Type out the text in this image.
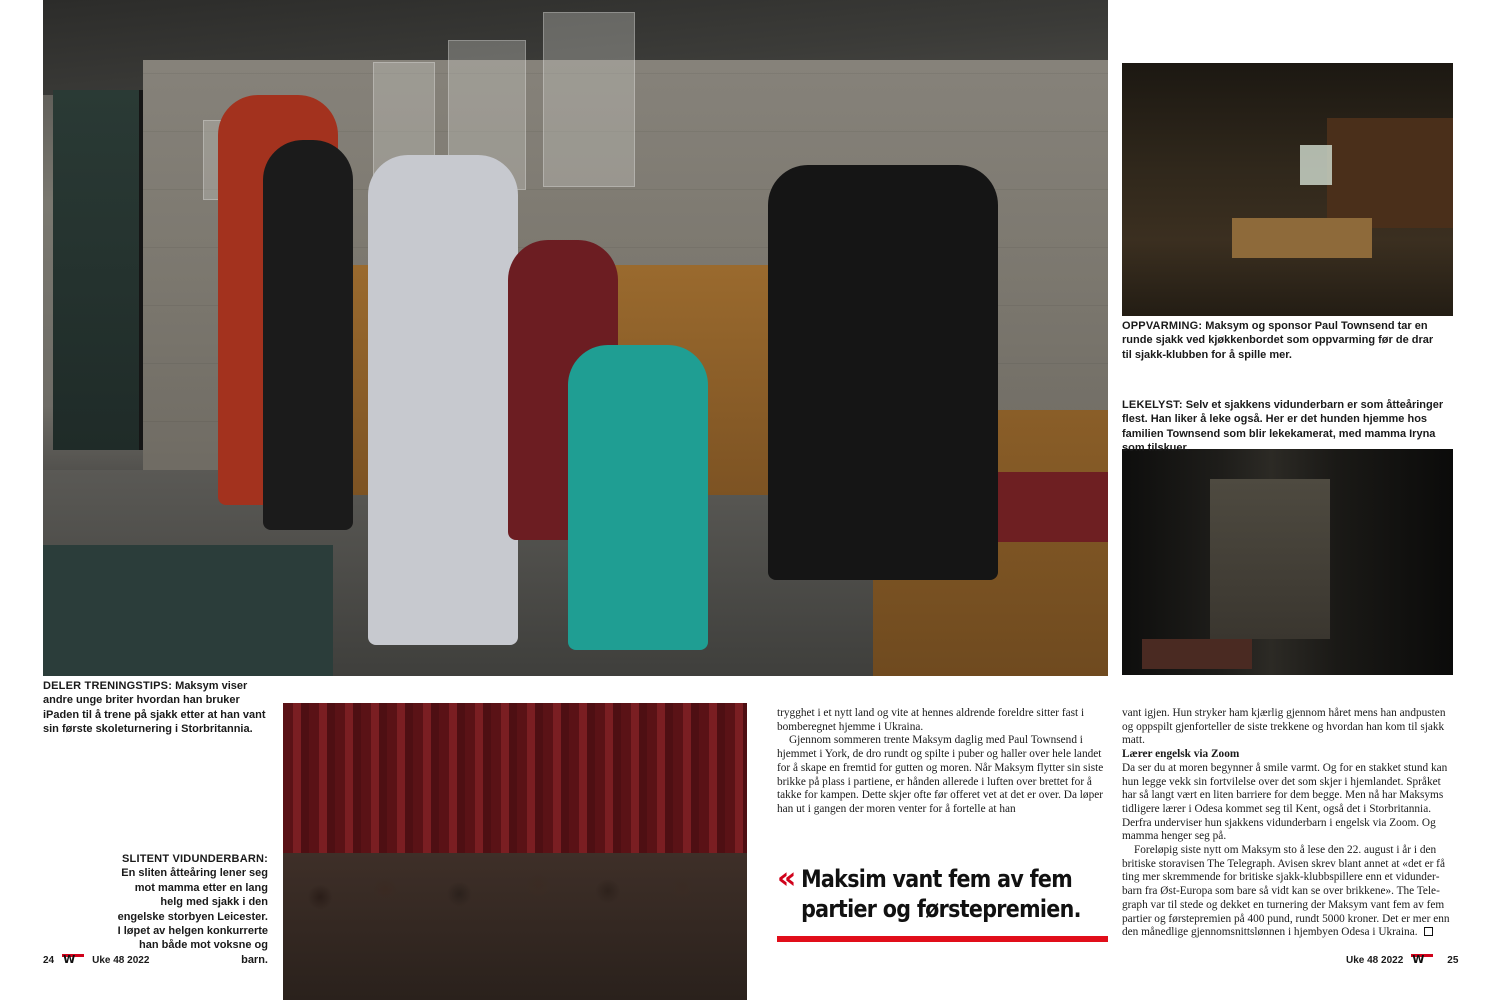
DELER TRENINGSTIPS: Maksym viser andre unge briter hvordan han bruker iPaden til å trene på sjakk etter at han vant sin første skoleturnering i Storbritannia.
OPPVARMING: Maksym og sponsor Paul Townsend tar en runde sjakk ved kjøkkenbordet som oppvarming før de drar til sjakk-klubben for å spille mer.
LEKELYST: Selv et sjakkens vidunderbarn er som åtteåringer flest. Han liker å leke også. Her er det hunden hjemme hos familien Townsend som blir lekekamerat, med mamma Iryna som tilskuer.
SLITENT VIDUNDERBARN: En sliten åtteåring lener seg mot mamma etter en lang helg med sjakk i den engelske storbyen Leicester. I løpet av helgen konkurrerte han både mot voksne og barn.

trygghet i et nytt land og vite at hennes aldrende foreldre sitter fast i bomberegnet hjemme i Ukraina.

Gjennom sommeren trente Maksym daglig med Paul Townsend i hjemmet i York, de dro rundt og spilte i puber og haller over hele landet for å skape en fremtid for gutten og moren. Når Maksym flytter sin siste brikke på plass i partiene, er hånden allerede i luften over brettet for å takke for kampen. Dette skjer ofte før offeret vet at det er over. Da løper han ut i gangen der moren venter for å fortelle at han

vant igjen. Hun stryker ham kjærlig gjennom håret mens han andpusten og oppspilt gjenforteller de siste trekkene og hvordan han kom til sjakk matt.

Lærer engelsk via Zoom

Da ser du at moren begynner å smile varmt. Og for en stakket stund kan hun legge vekk sin fortvilelse over det som skjer i hjemlandet. Språket har så langt vært en liten barriere for dem begge. Men nå har Maksyms tidligere lærer i Odesa kommet seg til Kent, også det i Storbritannia. Derfra underviser hun sjakkens vidunderbarn i engelsk via Zoom. Og mamma henger seg på.

Foreløpig siste nytt om Maksym sto å lese den 22. august i år i den britiske storavisen The Telegraph. Avisen skrev blant annet at «det er få ting mer skremmende for britiske sjakk-klubbspillere enn et vidunderbarn fra Øst-Europa som bare så vidt kan se over brikkene». The Telegraph var til stede og dekket en turnering der Maksym vant fem av fem partier og førstepremien på 400 pund, rundt 5000 kroner. Det er mer enn den månedlige gjennomsnittslønnen i hjembyen Odesa i Ukraina.

« Maksim vant fem av fem
partier og førstepremien.
24 W	Uke 48 2022	Uke 48 2022 W	25
